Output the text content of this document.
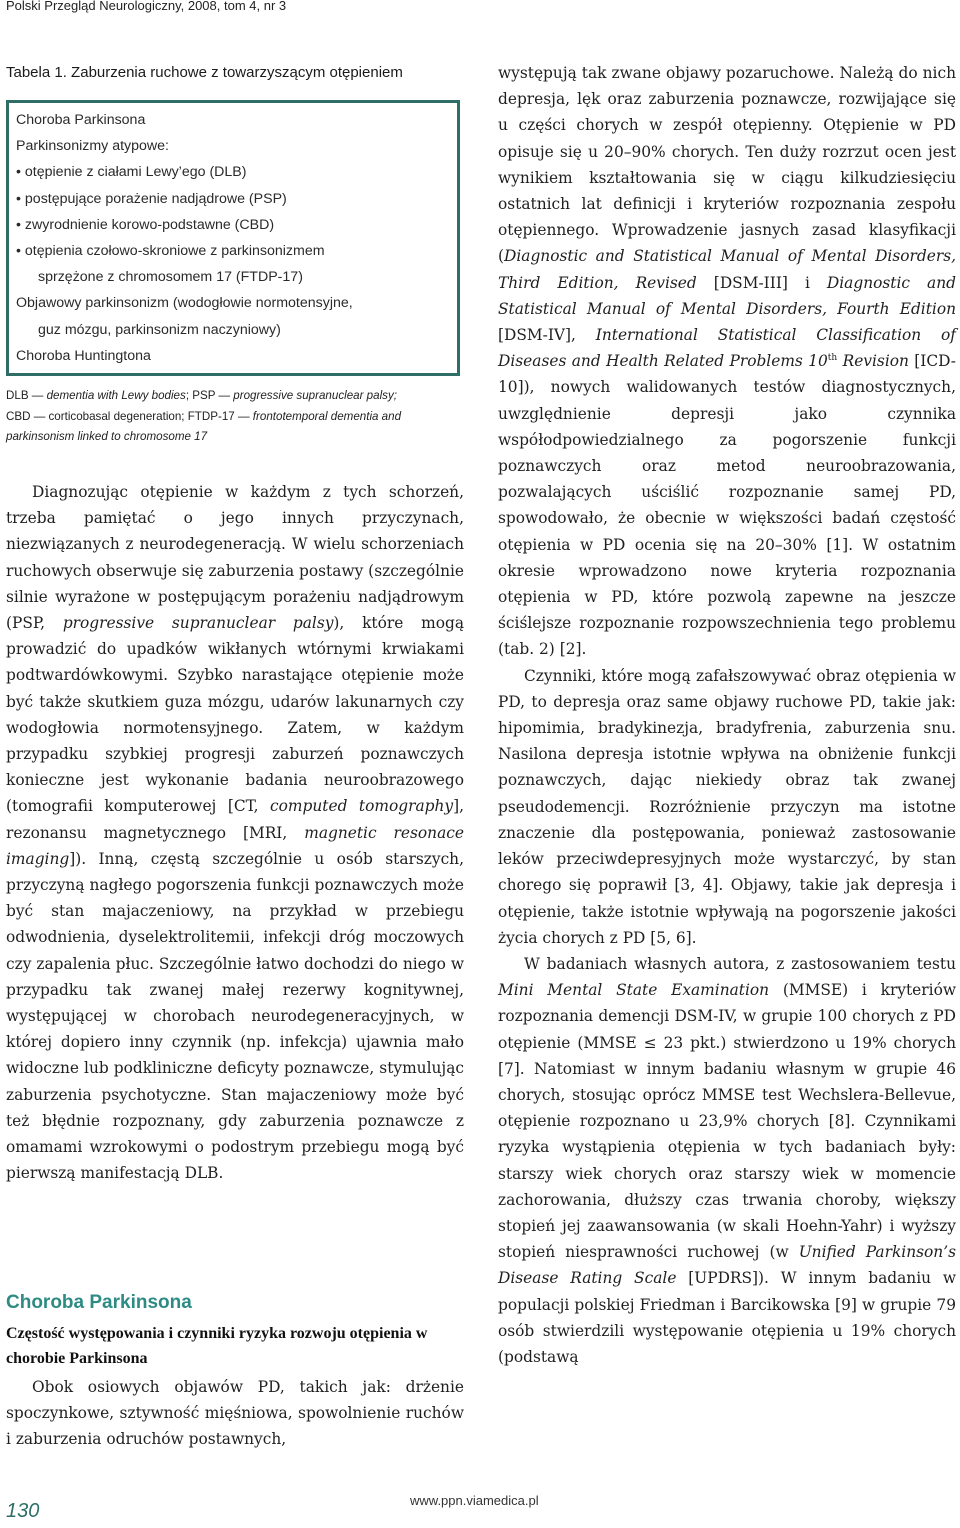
Polski Przegląd Neurologiczny, 2008, tom 4, nr 3
Tabela 1. Zaburzenia ruchowe z towarzyszącym otępieniem
Choroba Parkinsona
Parkinsonizmy atypowe:
• otępienie z ciałami Lewy’ego (DLB)
• postępujące porażenie nadjądrowe (PSP)
• zwyrodnienie korowo-podstawne (CBD)
• otępienia czołowo-skroniowe z parkinsonizmem
sprzężone z chromosomem 17 (FTDP-17)
Objawowy parkinsonizm (wodogłowie normotensyjne,
guz mózgu, parkinsonizm naczyniowy)
Choroba Huntingtona
DLB — dementia with Lewy bodies; PSP — progressive supranuclear palsy;
CBD — corticobasal degeneration; FTDP-17 — frontotemporal dementia and
parkinsonism linked to chromosome 17

Diagnozując otępienie w każdym z tych schorzeń, trzeba pamiętać o jego innych przyczynach, niezwiązanych z neurodegeneracją. W wielu schorzeniach ruchowych obserwuje się zaburzenia postawy (szczególnie silnie wyrażone w postępującym porażeniu nadjądrowym (PSP, progressive supranuclear palsy), które mogą prowadzić do upadków wikłanych wtórnymi krwiakami podtwardówkowymi. Szybko narastające otępienie może być także skutkiem guza mózgu, udarów lakunarnych czy wodogłowia normotensyjnego. Zatem, w każdym przypadku szybkiej progresji zaburzeń poznawczych konieczne jest wykonanie badania neuroobrazowego (tomografii komputerowej [CT, computed tomography], rezonansu magnetycznego [MRI, magnetic resonace imaging]). Inną, częstą szczególnie u osób starszych, przyczyną nagłego pogorszenia funkcji poznawczych może być stan majaczeniowy, na przykład w przebiegu odwodnienia, dyselektrolitemii, infekcji dróg moczowych czy zapalenia płuc. Szczególnie łatwo dochodzi do niego w przypadku tak zwanej małej rezerwy kognitywnej, występującej w chorobach neurodegeneracyjnych, w której dopiero inny czynnik (np. infekcja) ujawnia mało widoczne lub podkliniczne deficyty poznawcze, stymulując zaburzenia psychotyczne. Stan majaczeniowy może być też błędnie rozpoznany, gdy zaburzenia poznawcze z omamami wzrokowymi o podostrym przebiegu mogą być pierwszą manifestacją DLB.

Choroba Parkinsona
Częstość występowania i czynniki ryzyka rozwoju otępienia w chorobie Parkinsona

Obok osiowych objawów PD, takich jak: drżenie spoczynkowe, sztywność mięśniowa, spowolnienie ruchów i zaburzenia odruchów postawnych,

występują tak zwane objawy pozaruchowe. Należą do nich depresja, lęk oraz zaburzenia poznawcze, rozwijające się u części chorych w zespół otępienny. Otępienie w PD opisuje się u 20–90% chorych. Ten duży rozrzut ocen jest wynikiem kształtowania się w ciągu kilkudziesięciu ostatnich lat definicji i kryteriów rozpoznania zespołu otępiennego. Wprowadzenie jasnych zasad klasyfikacji (Diagnostic and Statistical Manual of Mental Disorders, Third Edition, Revised [DSM-III] i Diagnostic and Statistical Manual of Mental Disorders, Fourth Edition [DSM-IV], International Statistical Classification of Diseases and Health Related Problems 10th Revision [ICD-10]), nowych walidowanych testów diagnostycznych, uwzględnienie depresji jako czynnika współodpowiedzialnego za pogorszenie funkcji poznawczych oraz metod neuroobrazowania, pozwalających uściślić rozpoznanie samej PD, spowodowało, że obecnie w większości badań częstość otępienia w PD ocenia się na 20–30% [1]. W ostatnim okresie wprowadzono nowe kryteria rozpoznania otępienia w PD, które pozwolą zapewne na jeszcze ściślejsze rozpoznanie rozpowszechnienia tego problemu (tab. 2) [2].

Czynniki, które mogą zafałszowywać obraz otępienia w PD, to depresja oraz same objawy ruchowe PD, takie jak: hipomimia, bradykinezja, bradyfrenia, zaburzenia snu. Nasilona depresja istotnie wpływa na obniżenie funkcji poznawczych, dając niekiedy obraz tak zwanej pseudodemencji. Rozróżnienie przyczyn ma istotne znaczenie dla postępowania, ponieważ zastosowanie leków przeciwdepresyjnych może wystarczyć, by stan chorego się poprawił [3, 4]. Objawy, takie jak depresja i otępienie, także istotnie wpływają na pogorszenie jakości życia chorych z PD [5, 6].

W badaniach własnych autora, z zastosowaniem testu Mini Mental State Examination (MMSE) i kryteriów rozpoznania demencji DSM-IV, w grupie 100 chorych z PD otępienie (MMSE ≤ 23 pkt.) stwierdzono u 19% chorych [7]. Natomiast w innym badaniu własnym w grupie 46 chorych, stosując oprócz MMSE test Wechslera-Bellevue, otępienie rozpoznano u 23,9% chorych [8]. Czynnikami ryzyka wystąpienia otępienia w tych badaniach były: starszy wiek chorych oraz starszy wiek w momencie zachorowania, dłuższy czas trwania choroby, większy stopień jej zaawansowania (w skali Hoehn-Yahr) i wyższy stopień niesprawności ruchowej (w Unified Parkinson’s Disease Rating Scale [UPDRS]). W innym badaniu w populacji polskiej Friedman i Barcikowska [9] w grupie 79 osób stwierdzili występowanie otępienia u 19% chorych (podstawą

130	www.ppn.viamedica.pl
